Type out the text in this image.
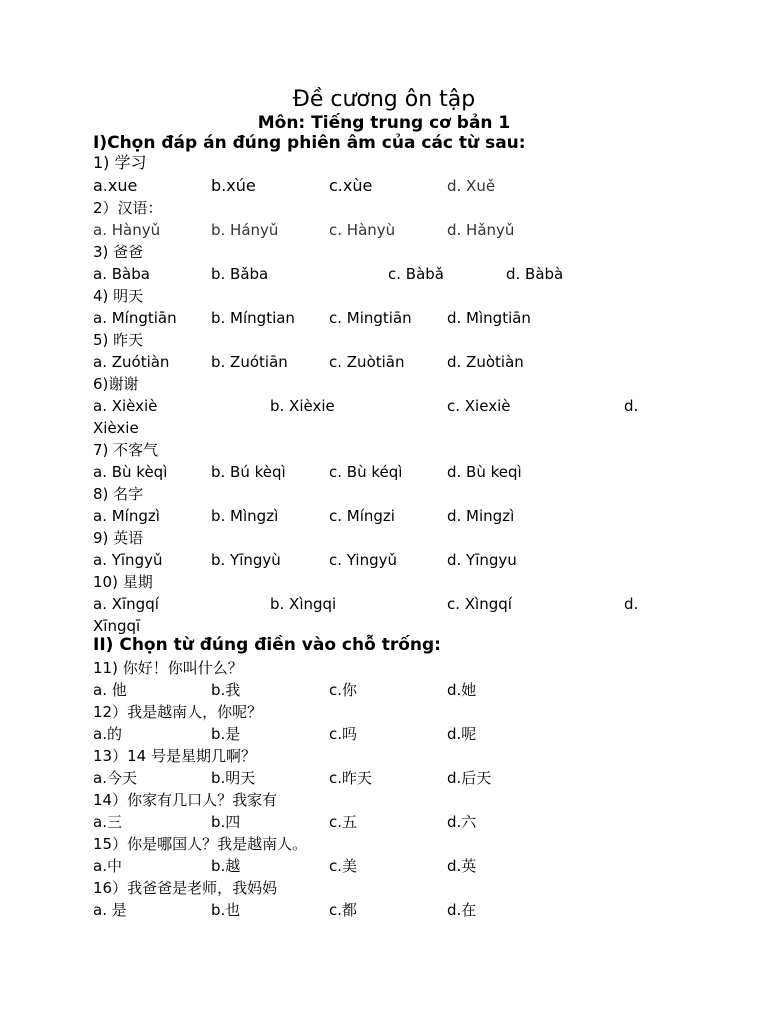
Đề cương ôn tập
Môn: Tiếng trung cơ bản 1
I)Chọn đáp án đúng phiên âm của các từ sau:
1) 学习
a.xue	b.xúe	c.xùe	d. Xuě
2）汉语：
a. Hànyǔ	b. Hányǔ	c. Hànyù	d. Hǎnyǔ
3) 爸爸
a. Bàba	b. Bǎba	c. Bàbǎ	d. Bàbà
4) 明天
a. Míngtiān b. Míngtian c. Mingtiān d. Mìngtiān
5) 昨天
a. Zuótiàn	b. Zuótiān	c. Zuòtiān	d. Zuòtiàn
6)谢谢
a. Xièxiè	b. Xièxie	c. Xiexiè	d.
Xièxie
7) 不客气
a. Bù kèqì	b. Bú kèqì	c. Bù kéqì	d. Bù keqì
8) 名字
a. Míngzì	b. Mìngzì	c. Míngzi	d. Mingzì
9) 英语
a. Yīngyǔ	b. Yīngyù	c. Yingyǔ	d. Yīngyu
10) 星期
a. Xīngqí	b. Xìngqi	c. Xìngqí	d.
Xīngqī
II) Chọn từ đúng điền vào chỗ trống:
11) 你好！你叫什么？
a. 他	b.我	c.你	d.她
12）我是越南人，你呢？
a.的	b.是	c.吗	d.呢
13）14 号是星期几啊？
a.今天	b.明天	c.昨天	d.后天
14）你家有几口人？我家有
a.三	b.四	c.五	d.六
15）你是哪国人？我是越南人。
a.中	b.越	c.美	d.英
16）我爸爸是老师，我妈妈
a. 是	b.也	c.都	d.在
